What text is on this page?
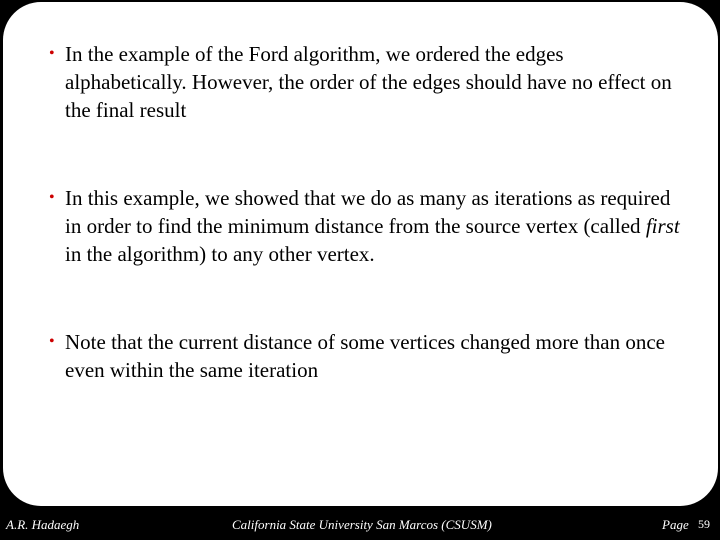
• In the example of the Ford algorithm, we ordered the edges alphabetically. However, the order of the edges should have no effect on the final result
• In this example, we showed that we do as many as iterations as required in order to find the minimum distance from the source vertex (called first in the algorithm) to any other vertex.
• Note that the current distance of some vertices changed more than once even within the same iteration
A.R. Hadaegh	California State University San Marcos (CSUSM)	Page 59
